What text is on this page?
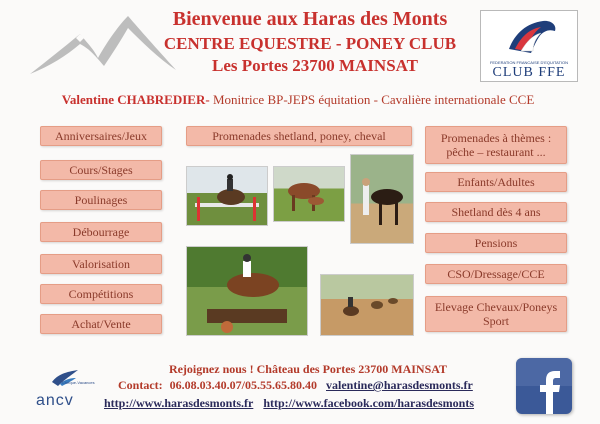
Bienvenue aux Haras des Monts
CENTRE EQUESTRE - PONEY CLUB
Les Portes 23700 MAINSAT	FEDERATION FRANCAISE D'EQUITATION
CLUB FFE
Valentine CHABREDIER- Monitrice BP-JEPS équitation - Cavalière internationale CCE
Anniversaires/Jeux
Cours/Stages
Poulinages
Débourrage
Valorisation
Compétitions
Achat/Vente
Promenades shetland, poney, cheval	Promenades à thèmes : pêche – restaurant ...
Enfants/Adultes
Shetland dès 4 ans
Pensions
CSO/Dressage/CCE
Elevage Chevaux/Poneys Sport
Chèque-Vacances
ancv
Rejoignez nous ! Château des Portes 23700 MAINSAT
Contact: 06.08.03.40.07/05.55.65.80.40 valentine@harasdesmonts.fr
http://www.harasdesmonts.fr http://www.facebook.com/harasdesmonts
